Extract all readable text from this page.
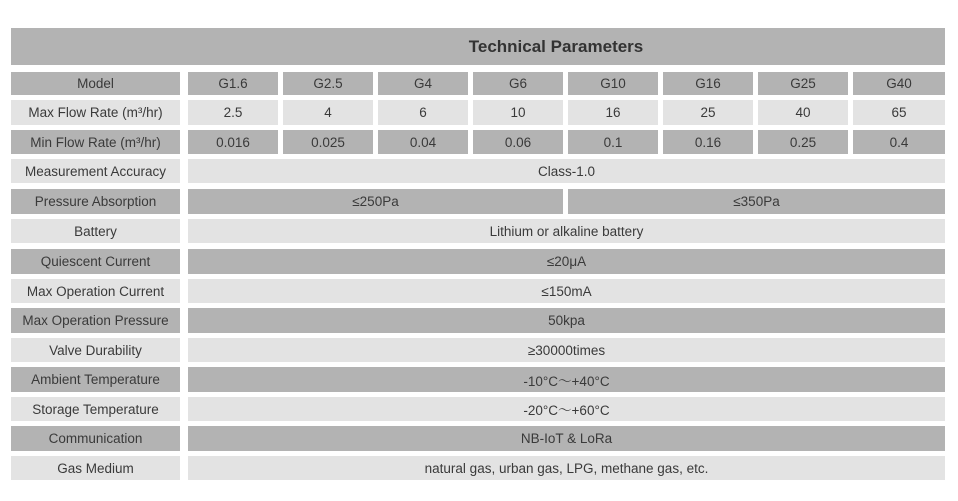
Technical Parameters
Model	G1.6	G2.5	G4	G6	G10	G16	G25	G40
Max Flow Rate (m³/hr)	2.5	4	6	10	16	25	40	65
Min Flow Rate (m³/hr)	0.016	0.025	0.04	0.06	0.1	0.16	0.25	0.4
Measurement Accuracy	Class-1.0
Pressure Absorption	≤250Pa	≤350Pa
Battery	Lithium or alkaline battery
Quiescent Current	≤20μA
Max Operation Current	≤150mA
Max Operation Pressure	50kpa
Valve Durability	≥30000times
Ambient Temperature	-10°C～+40°C
Storage Temperature	-20°C～+60°C
Communication	NB-IoT & LoRa
Gas Medium	natural gas, urban gas, LPG, methane gas, etc.
